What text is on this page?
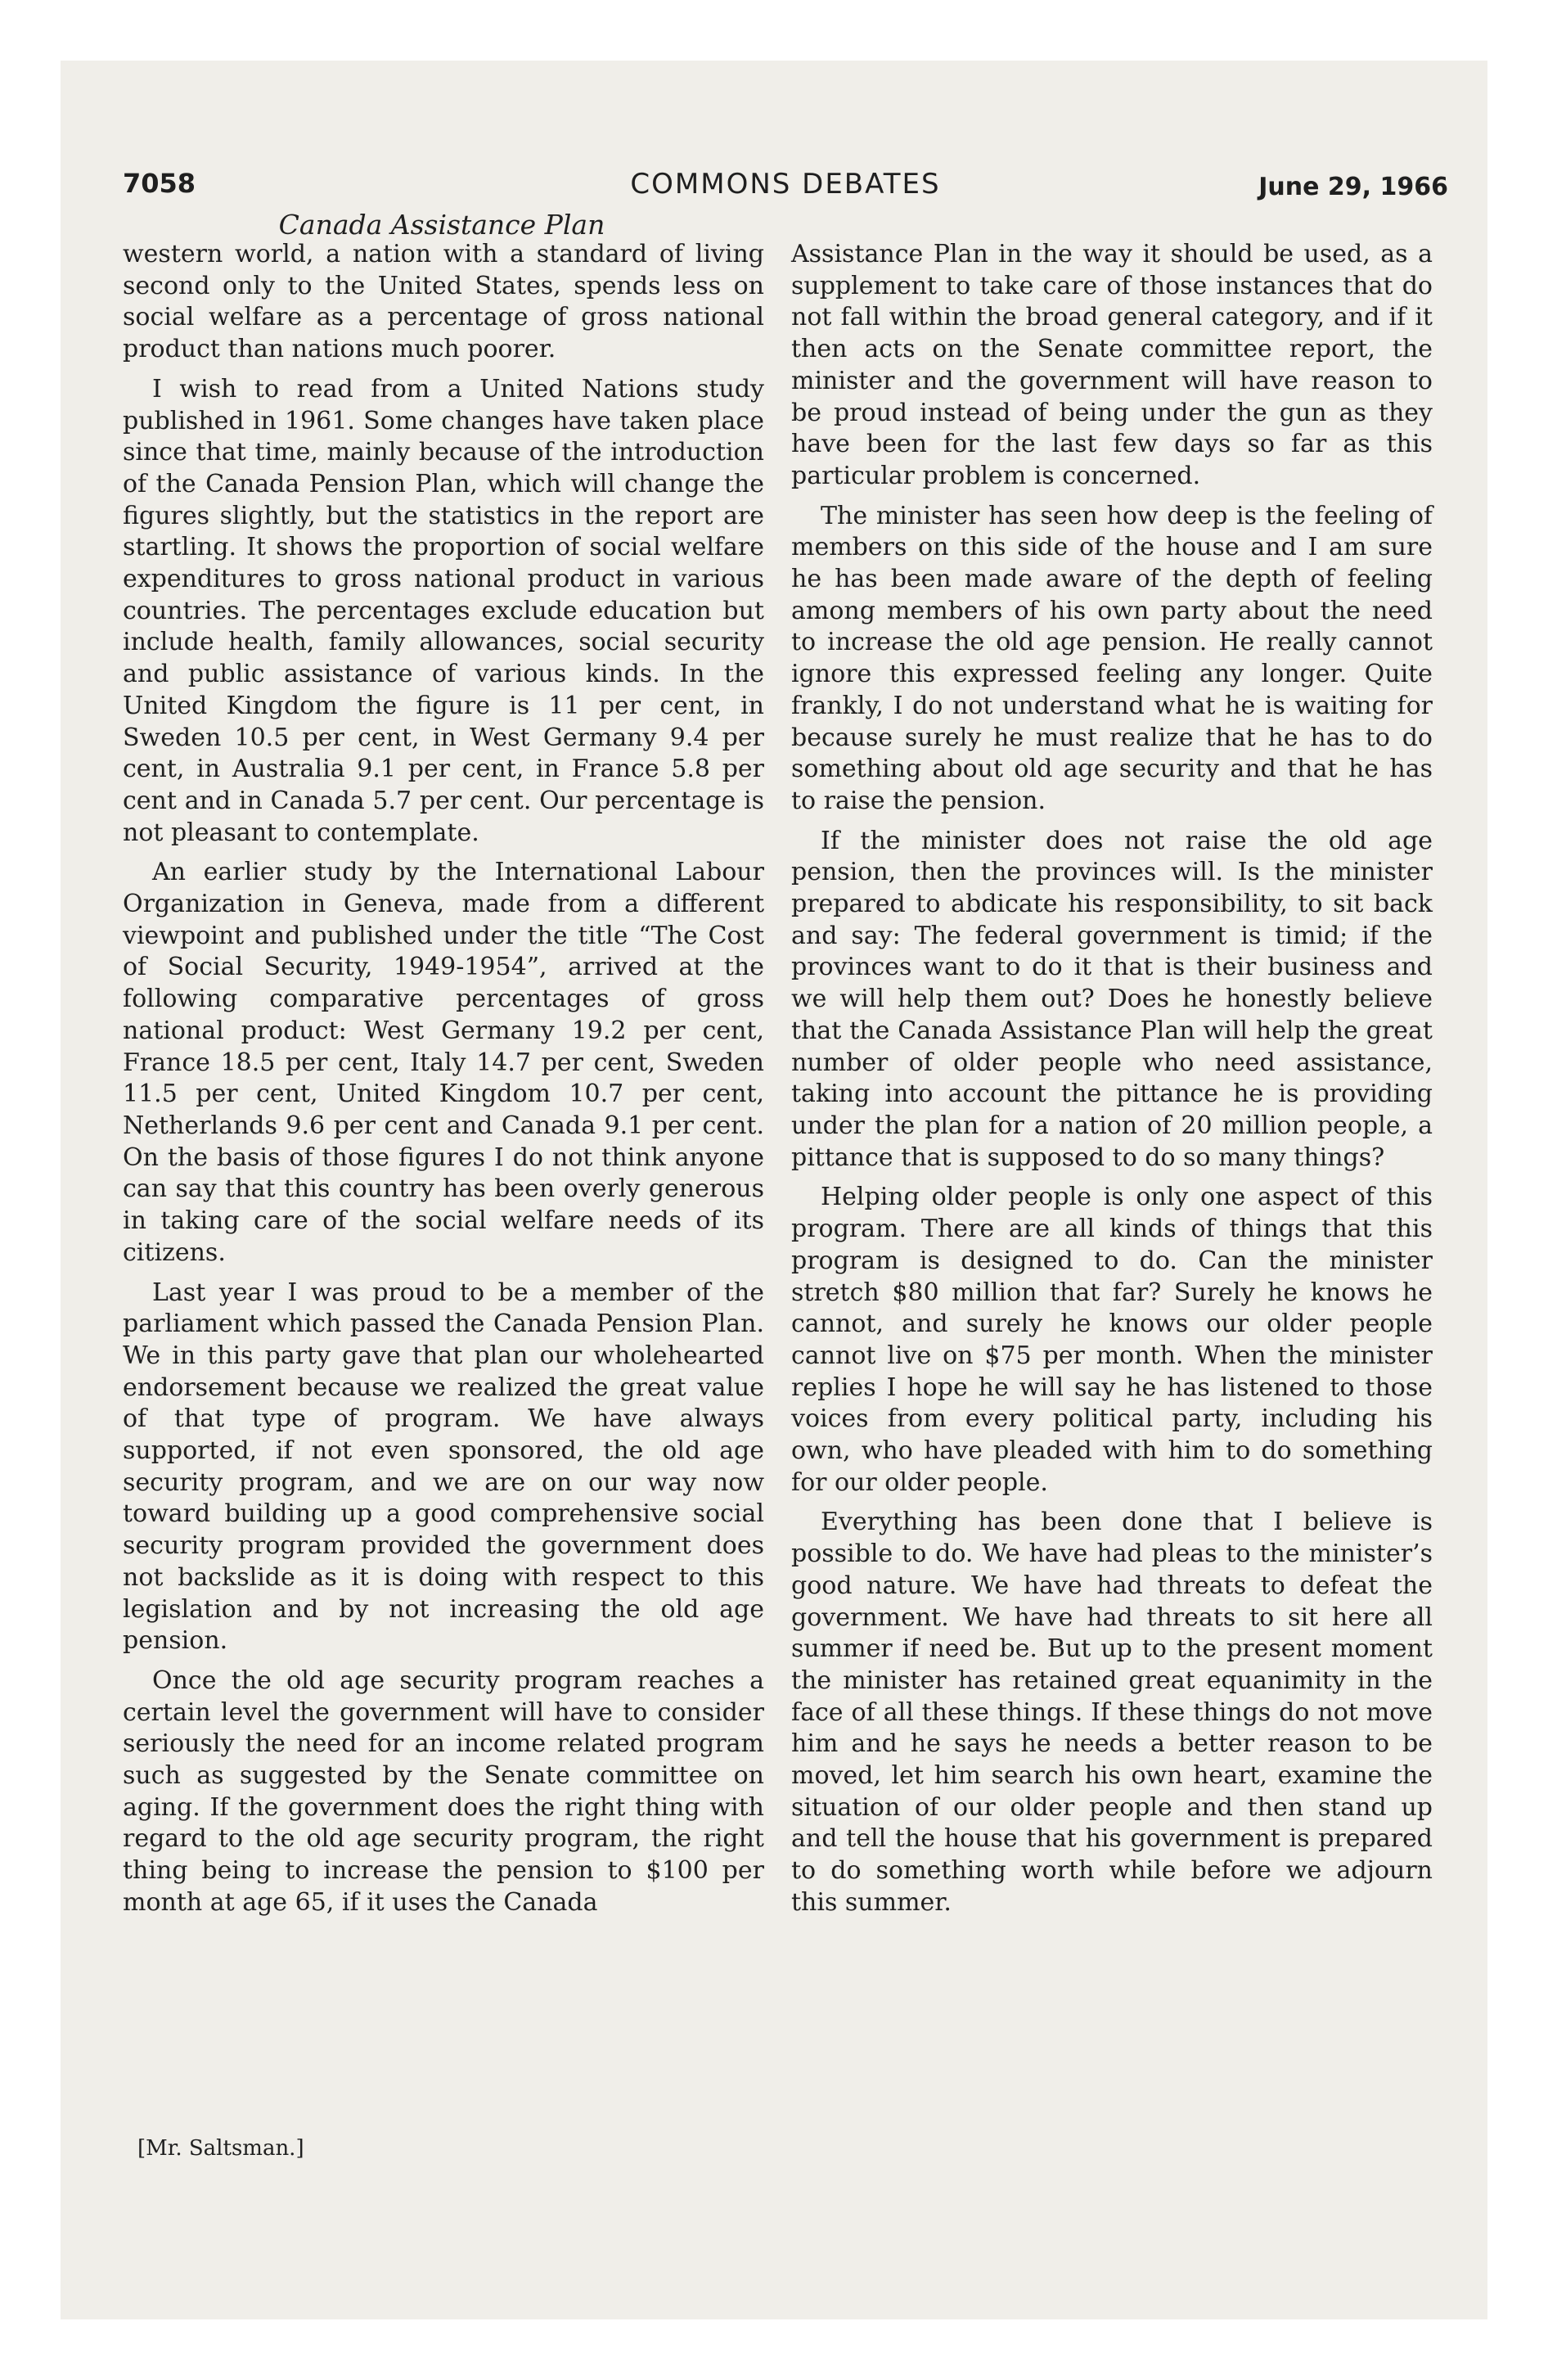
7058	COMMONS DEBATES	June 29, 1966
Canada Assistance Plan

western world, a nation with a standard of living second only to the United States, spends less on social welfare as a percentage of gross national product than nations much poorer.

I wish to read from a United Nations study published in 1961. Some changes have taken place since that time, mainly because of the introduction of the Canada Pension Plan, which will change the figures slightly, but the statistics in the report are startling. It shows the proportion of social welfare expenditures to gross national product in various countries. The percentages exclude education but include health, family allowances, social security and public assistance of various kinds. In the United Kingdom the figure is 11 per cent, in Sweden 10.5 per cent, in West Germany 9.4 per cent, in Australia 9.1 per cent, in France 5.8 per cent and in Canada 5.7 per cent. Our percentage is not pleasant to contemplate.

An earlier study by the International Labour Organization in Geneva, made from a different viewpoint and published under the title “The Cost of Social Security, 1949-1954”, arrived at the following comparative percentages of gross national product: West Germany 19.2 per cent, France 18.5 per cent, Italy 14.7 per cent, Sweden 11.5 per cent, United Kingdom 10.7 per cent, Netherlands 9.6 per cent and Canada 9.1 per cent. On the basis of those figures I do not think anyone can say that this country has been overly generous in taking care of the social welfare needs of its citizens.

Last year I was proud to be a member of the parliament which passed the Canada Pension Plan. We in this party gave that plan our wholehearted endorsement because we realized the great value of that type of program. We have always supported, if not even sponsored, the old age security program, and we are on our way now toward building up a good comprehensive social security program provided the government does not backslide as it is doing with respect to this legislation and by not increasing the old age pension.

Once the old age security program reaches a certain level the government will have to consider seriously the need for an income related program such as suggested by the Senate committee on aging. If the government does the right thing with regard to the old age security program, the right thing being to increase the pension to $100 per month at age 65, if it uses the Canada

[Mr. Saltsman.]

Assistance Plan in the way it should be used, as a supplement to take care of those instances that do not fall within the broad general category, and if it then acts on the Senate committee report, the minister and the government will have reason to be proud instead of being under the gun as they have been for the last few days so far as this particular problem is concerned.

The minister has seen how deep is the feeling of members on this side of the house and I am sure he has been made aware of the depth of feeling among members of his own party about the need to increase the old age pension. He really cannot ignore this expressed feeling any longer. Quite frankly, I do not understand what he is waiting for because surely he must realize that he has to do something about old age security and that he has to raise the pension.

If the minister does not raise the old age pension, then the provinces will. Is the minister prepared to abdicate his responsibility, to sit back and say: The federal government is timid; if the provinces want to do it that is their business and we will help them out? Does he honestly believe that the Canada Assistance Plan will help the great number of older people who need assistance, taking into account the pittance he is providing under the plan for a nation of 20 million people, a pittance that is supposed to do so many things?

Helping older people is only one aspect of this program. There are all kinds of things that this program is designed to do. Can the minister stretch $80 million that far? Surely he knows he cannot, and surely he knows our older people cannot live on $75 per month. When the minister replies I hope he will say he has listened to those voices from every political party, including his own, who have pleaded with him to do something for our older people.

Everything has been done that I believe is possible to do. We have had pleas to the minister’s good nature. We have had threats to defeat the government. We have had threats to sit here all summer if need be. But up to the present moment the minister has retained great equanimity in the face of all these things. If these things do not move him and he says he needs a better reason to be moved, let him search his own heart, examine the situation of our older people and then stand up and tell the house that his government is prepared to do something worth while before we adjourn this summer.
